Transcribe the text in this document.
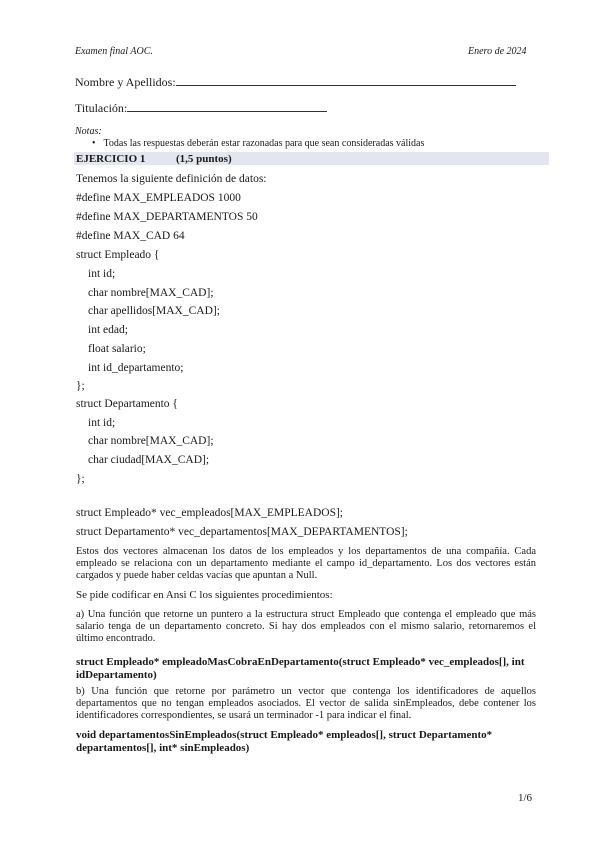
Examen final AOC.	Enero de 2024
Nombre y Apellidos:
Titulación:
Notas:
• Todas las respuestas deberán estar razonadas para que sean consideradas válidas
EJERCICIO 1	(1,5 puntos)
Tenemos la siguiente definición de datos:
#define MAX_EMPLEADOS 1000
#define MAX_DEPARTAMENTOS 50
#define MAX_CAD 64
struct Empleado {
int id;
char nombre[MAX_CAD];
char apellidos[MAX_CAD];
int edad;
float salario;
int id_departamento;
};
struct Departamento {
int id;
char nombre[MAX_CAD];
char ciudad[MAX_CAD];
};
struct Empleado* vec_empleados[MAX_EMPLEADOS];
struct Departamento* vec_departamentos[MAX_DEPARTAMENTOS];
Estos dos vectores almacenan los datos de los empleados y los departamentos de una compañía. Cada empleado se relaciona con un departamento mediante el campo id_departamento. Los dos vectores están cargados y puede haber celdas vacías que apuntan a Null.
Se pide codificar en Ansi C los siguientes procedimientos:
a) Una función que retorne un puntero a la estructura struct Empleado que contenga el empleado que más salario tenga de un departamento concreto. Si hay dos empleados con el mismo salario, retornaremos el último encontrado.
struct Empleado* empleadoMasCobraEnDepartamento(struct Empleado* vec_empleados[], int idDepartamento)
b) Una función que retorne por parámetro un vector que contenga los identificadores de aquellos departamentos que no tengan empleados asociados. El vector de salida sinEmpleados, debe contener los identificadores correspondientes, se usará un terminador -1 para indicar el final.
void departamentosSinEmpleados(struct Empleado* empleados[], struct Departamento* departamentos[], int* sinEmpleados)
1/6
